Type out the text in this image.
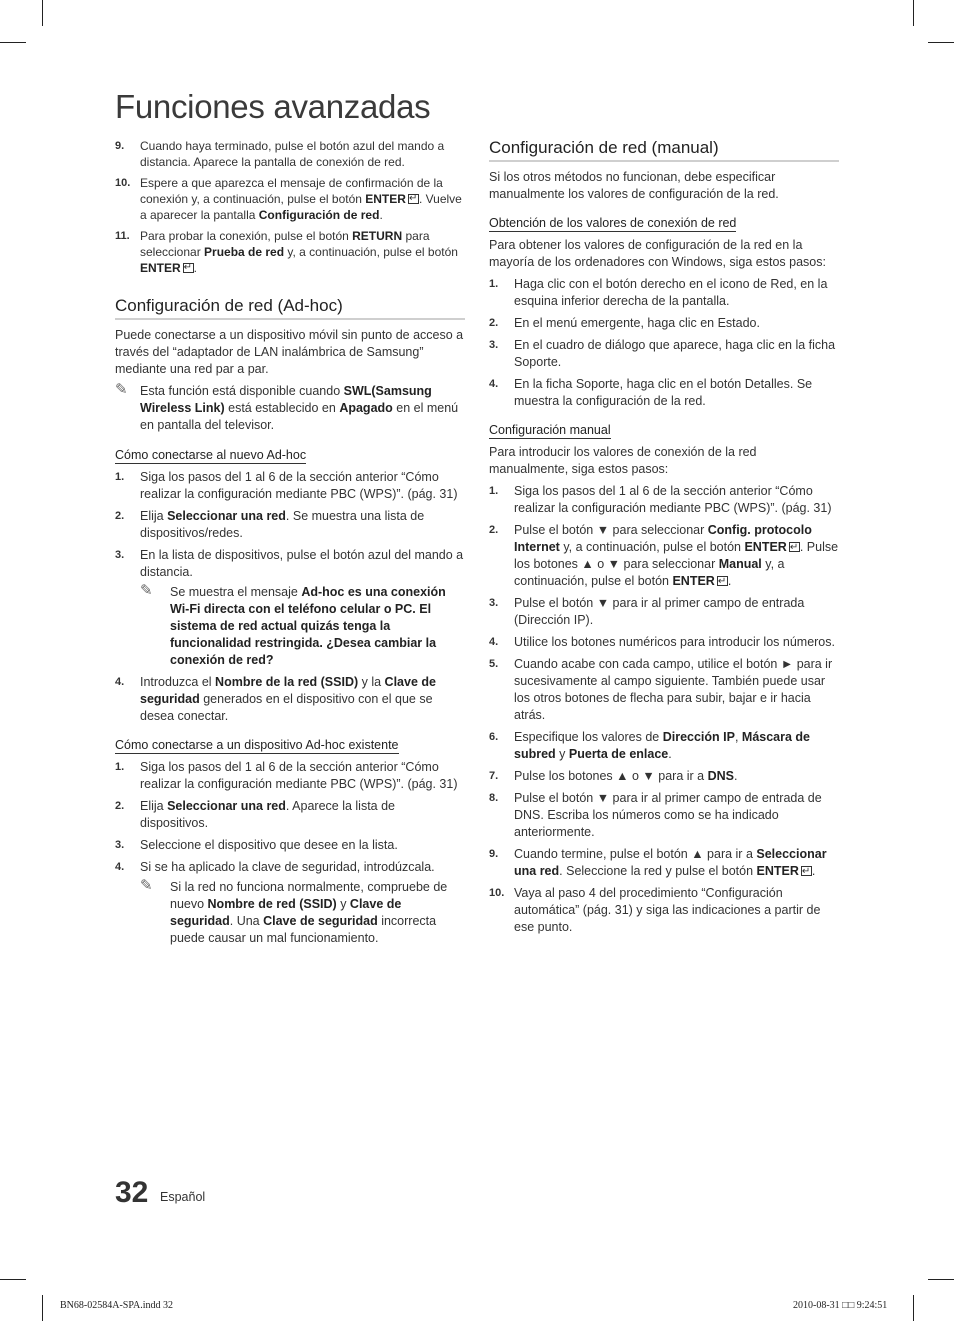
Funciones avanzadas
9. Cuando haya terminado, pulse el botón azul del mando a distancia. Aparece la pantalla de conexión de red.
10. Espere a que aparezca el mensaje de confirmación de la conexión y, a continuación, pulse el botón ENTER ↵ . Vuelve a aparecer la pantalla Configuración de red.
11. Para probar la conexión, pulse el botón RETURN para seleccionar Prueba de red y, a continuación, pulse el botón ENTER ↵ .
Configuración de red (Ad-hoc)

Puede conectarse a un dispositivo móvil sin punto de acceso a través del “adaptador de LAN inalámbrica de Samsung” mediante una red par a par.

✎ Esta función está disponible cuando SWL(Samsung Wireless Link) está establecido en Apagado en el menú en pantalla del televisor.
Cómo conectarse al nuevo Ad-hoc
1. Siga los pasos del 1 al 6 de la sección anterior “Cómo realizar la configuración mediante PBC (WPS)”. (pág. 31)
2. Elija Seleccionar una red. Se muestra una lista de dispositivos/redes.
3. En la lista de dispositivos, pulse el botón azul del mando a distancia.
✎ Se muestra el mensaje Ad-hoc es una conexión Wi-Fi directa con el teléfono celular o PC. El sistema de red actual quizás tenga la funcionalidad restringida. ¿Desea cambiar la conexión de red?
4. Introduzca el Nombre de la red (SSID) y la Clave de seguridad generados en el dispositivo con el que se desea conectar.
Cómo conectarse a un dispositivo Ad-hoc existente
1. Siga los pasos del 1 al 6 de la sección anterior “Cómo realizar la configuración mediante PBC (WPS)”. (pág. 31)
2. Elija Seleccionar una red. Aparece la lista de dispositivos.
3. Seleccione el dispositivo que desee en la lista.
4. Si se ha aplicado la clave de seguridad, introdúzcala.
✎ Si la red no funciona normalmente, compruebe de nuevo Nombre de red (SSID) y Clave de seguridad. Una Clave de seguridad incorrecta puede causar un mal funcionamiento.
Configuración de red (manual)

Si los otros métodos no funcionan, debe especificar manualmente los valores de configuración de la red.

Obtención de los valores de conexión de red

Para obtener los valores de configuración de la red en la mayoría de los ordenadores con Windows, siga estos pasos:

1. Haga clic con el botón derecho en el icono de Red, en la esquina inferior derecha de la pantalla.
2. En el menú emergente, haga clic en Estado.
3. En el cuadro de diálogo que aparece, haga clic en la ficha Soporte.
4. En la ficha Soporte, haga clic en el botón Detalles. Se muestra la configuración de la red.
Configuración manual

Para introducir los valores de conexión de la red manualmente, siga estos pasos:

1. Siga los pasos del 1 al 6 de la sección anterior “Cómo realizar la configuración mediante PBC (WPS)”. (pág. 31)
2. Pulse el botón ▼ para seleccionar Config. protocolo Internet y, a continuación, pulse el botón ENTER ↵ . Pulse los botones ▲ o ▼ para seleccionar Manual y, a continuación, pulse el botón ENTER ↵ .
3. Pulse el botón ▼ para ir al primer campo de entrada (Dirección IP).
4. Utilice los botones numéricos para introducir los números.
5. Cuando acabe con cada campo, utilice el botón ► para ir sucesivamente al campo siguiente. También puede usar los otros botones de flecha para subir, bajar e ir hacia atrás.
6. Especifique los valores de Dirección IP, Máscara de subred y Puerta de enlace.
7. Pulse los botones ▲ o ▼ para ir a DNS.
8. Pulse el botón ▼ para ir al primer campo de entrada de DNS. Escriba los números como se ha indicado anteriormente.
9. Cuando termine, pulse el botón ▲ para ir a Seleccionar una red. Seleccione la red y pulse el botón ENTER ↵ .
10. Vaya al paso 4 del procedimiento “Configuración automática” (pág. 31) y siga las indicaciones a partir de ese punto.
32 Español
BN68-02584A-SPA.indd 32	2010-08-31 □□ 9:24:51
